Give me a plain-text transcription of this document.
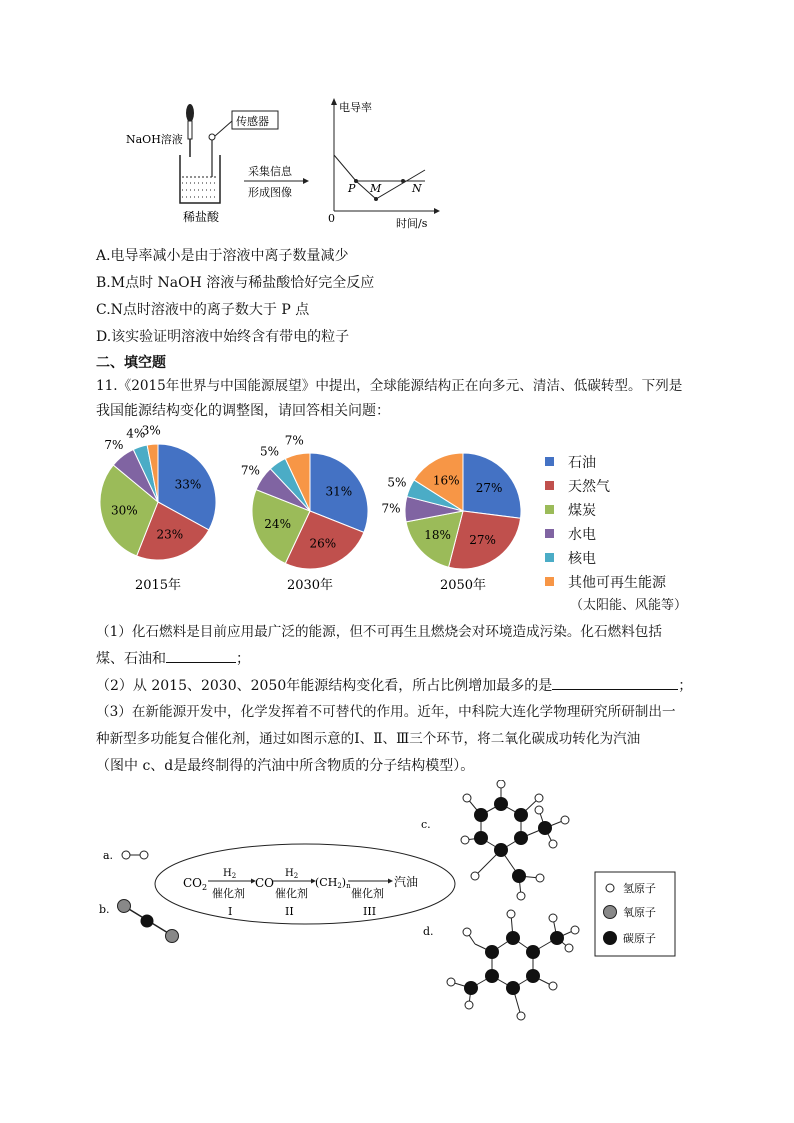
NaOH溶液
传感器
稀盐酸
采集信息
形成图像
电导率
0	时间/s
P M	N
A.电导率减小是由于溶液中离子数量减少
B.M点时 NaOH 溶液与稀盐酸恰好完全反应
C.N点时溶液中的离子数大于 P 点
D.该实验证明溶液中始终含有带电的粒子
二、填空题
11.《2015年世界与中国能源展望》中提出，全球能源结构正在向多元、清洁、低碳转型。下列是
我国能源结构变化的调整图，请回答相关问题：
33%
23%
30%
7%
4%
3%
2015年
31%
26%
24%
7%
5%
7%
2030年
27%
27%
18%
7%
5% 16%
2050年
石油
天然气
煤炭
水电
核电
其他可再生能源
（太阳能、风能等）
（1）化石燃料是目前应用最广泛的能源，但不可再生且燃烧会对环境造成污染。化石燃料包括
煤、石油和	；
（2）从 2015、2030、2050年能源结构变化看，所占比例增加最多的是	；
（3）在新能源开发中，化学发挥着不可替代的作用。近年，中科院大连化学物理研究所研制出一
种新型多功能复合催化剂，通过如图示意的Ⅰ、Ⅱ、Ⅲ三个环节，将二氧化碳成功转化为汽油
（图中 c、d是最终制得的汽油中所含物质的分子结构模型）。
a.
b.
$CO_2$
$H_2$
催化剂
I
CO
$H_2$
催化剂
II
(CH2)n
催化剂
III
汽油
c.
d.
氢原子
氧原子
碳原子
